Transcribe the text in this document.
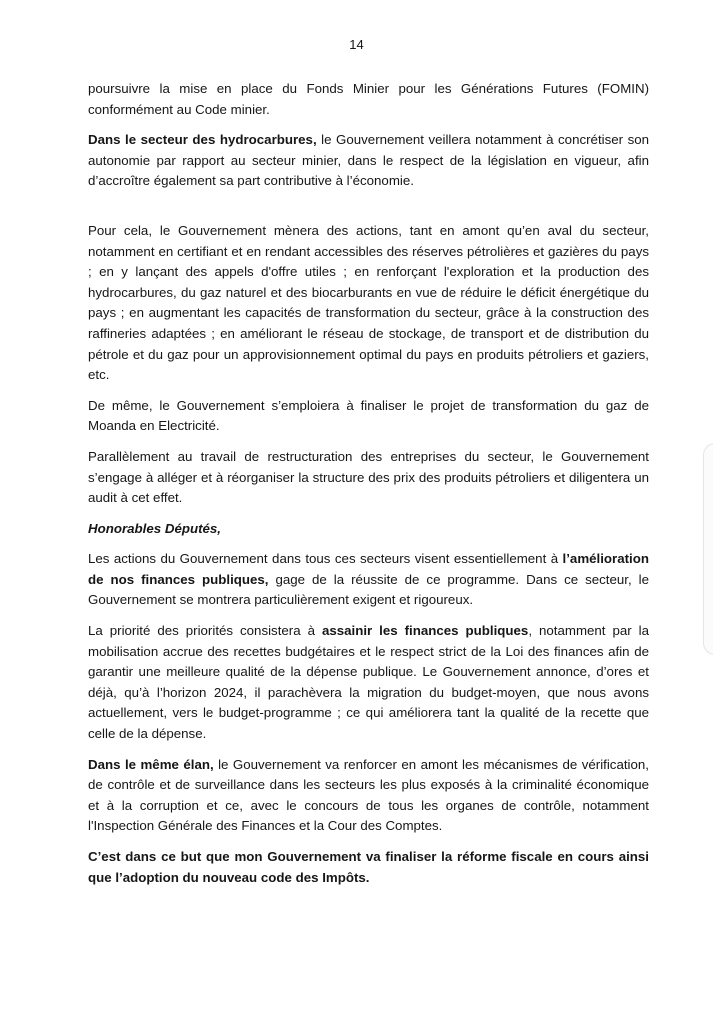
14

poursuivre la mise en place du Fonds Minier pour les Générations Futures (FOMIN) conformément au Code minier.

Dans le secteur des hydrocarbures, le Gouvernement veillera notamment à concrétiser son autonomie par rapport au secteur minier, dans le respect de la législation en vigueur, afin d’accroître également sa part contributive à l’économie.

Pour cela, le Gouvernement mènera des actions, tant en amont qu’en aval du secteur, notamment en certifiant et en rendant accessibles des réserves pétrolières et gazières du pays ; en y lançant des appels d'offre utiles ; en renforçant l'exploration et la production des hydrocarbures, du gaz naturel et des biocarburants en vue de réduire le déficit énergétique du pays ; en augmentant les capacités de transformation du secteur, grâce à la construction des raffineries adaptées ; en améliorant le réseau de stockage, de transport et de distribution du pétrole et du gaz pour un approvisionnement optimal du pays en produits pétroliers et gaziers, etc.

De même, le Gouvernement s’emploiera à finaliser le projet de transformation du gaz de Moanda en Electricité.

Parallèlement au travail de restructuration des entreprises du secteur, le Gouvernement s’engage à alléger et à réorganiser la structure des prix des produits pétroliers et diligentera un audit à cet effet.

Honorables Députés,

Les actions du Gouvernement dans tous ces secteurs visent essentiellement à l’amélioration de nos finances publiques, gage de la réussite de ce programme. Dans ce secteur, le Gouvernement se montrera particulièrement exigent et rigoureux.

La priorité des priorités consistera à assainir les finances publiques, notamment par la mobilisation accrue des recettes budgétaires et le respect strict de la Loi des finances afin de garantir une meilleure qualité de la dépense publique. Le Gouvernement annonce, d’ores et déjà, qu’à l’horizon 2024, il parachèvera la migration du budget-moyen, que nous avons actuellement, vers le budget-programme ; ce qui améliorera tant la qualité de la recette que celle de la dépense.

Dans le même élan, le Gouvernement va renforcer en amont les mécanismes de vérification, de contrôle et de surveillance dans les secteurs les plus exposés à la criminalité économique et à la corruption et ce, avec le concours de tous les organes de contrôle, notamment l'Inspection Générale des Finances et la Cour des Comptes.

C’est dans ce but que mon Gouvernement va finaliser la réforme fiscale en cours ainsi que l’adoption du nouveau code des Impôts.
